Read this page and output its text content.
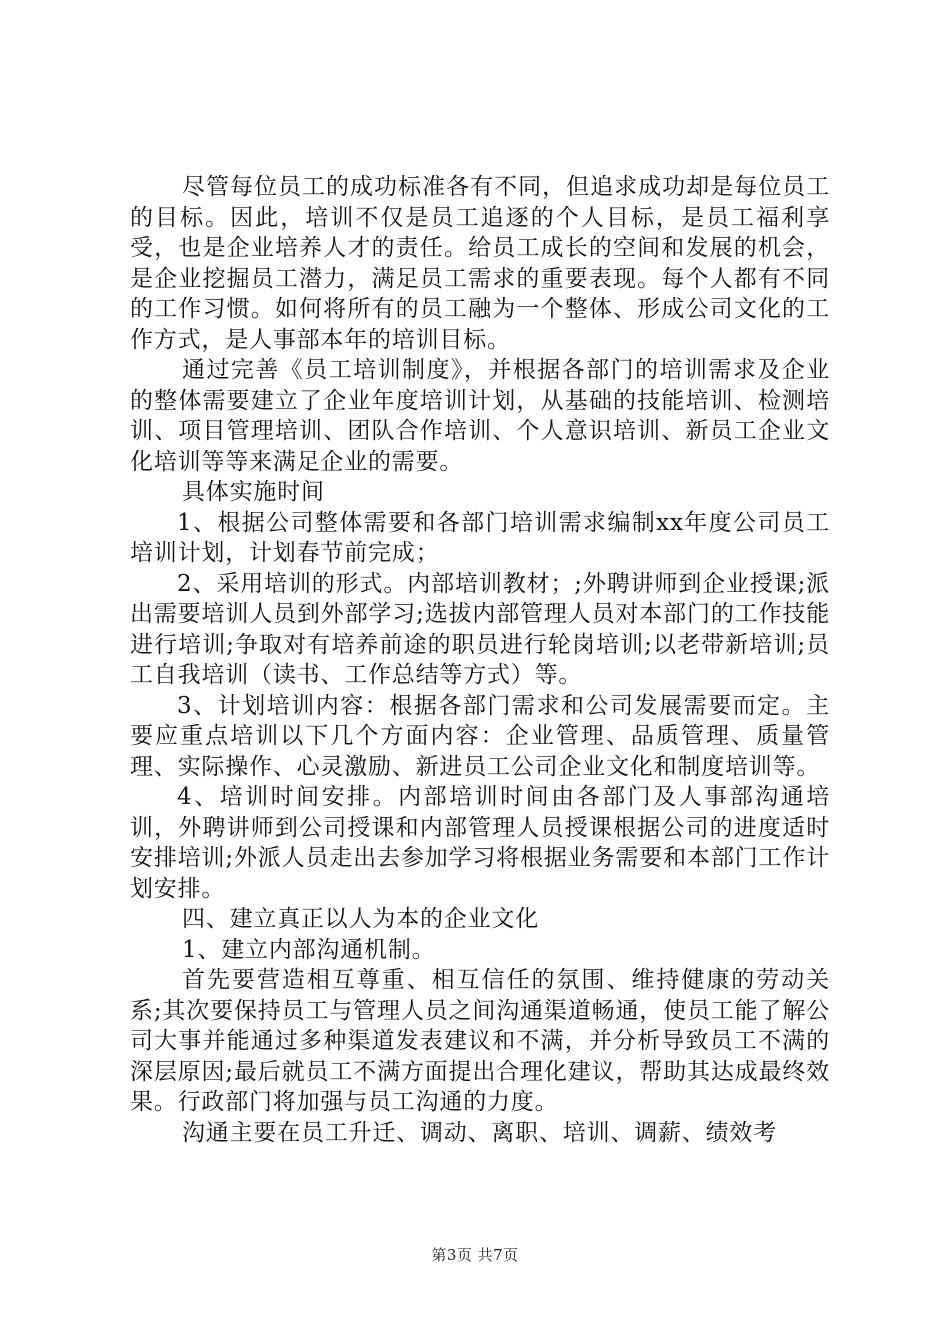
尽管每位员工的成功标准各有不同，但追求成功却是每位员工的目标。因此，培训不仅是员工追逐的个人目标，是员工福利享受，也是企业培养人才的责任。给员工成长的空间和发展的机会，是企业挖掘员工潜力，满足员工需求的重要表现。每个人都有不同的工作习惯。如何将所有的员工融为一个整体、形成公司文化的工作方式，是人事部本年的培训目标。

通过完善《员工培训制度》，并根据各部门的培训需求及企业的整体需要建立了企业年度培训计划，从基础的技能培训、检测培训、项目管理培训、团队合作培训、个人意识培训、新员工企业文化培训等等来满足企业的需要。

具体实施时间

1、根据公司整体需要和各部门培训需求编制xx年度公司员工培训计划，计划春节前完成；

2、采用培训的形式。内部培训教材；;外聘讲师到企业授课;派出需要培训人员到外部学习;选拔内部管理人员对本部门的工作技能进行培训;争取对有培养前途的职员进行轮岗培训;以老带新培训;员工自我培训（读书、工作总结等方式）等。

3、计划培训内容：根据各部门需求和公司发展需要而定。主要应重点培训以下几个方面内容：企业管理、品质管理、质量管理、实际操作、心灵激励、新进员工公司企业文化和制度培训等。

4、培训时间安排。内部培训时间由各部门及人事部沟通培训，外聘讲师到公司授课和内部管理人员授课根据公司的进度适时安排培训;外派人员走出去参加学习将根据业务需要和本部门工作计划安排。

四、建立真正以人为本的企业文化

1、建立内部沟通机制。

首先要营造相互尊重、相互信任的氛围、维持健康的劳动关系;其次要保持员工与管理人员之间沟通渠道畅通，使员工能了解公司大事并能通过多种渠道发表建议和不满，并分析导致员工不满的深层原因;最后就员工不满方面提出合理化建议，帮助其达成最终效果。行政部门将加强与员工沟通的力度。

沟通主要在员工升迁、调动、离职、培训、调薪、绩效考

第3页 共7页
